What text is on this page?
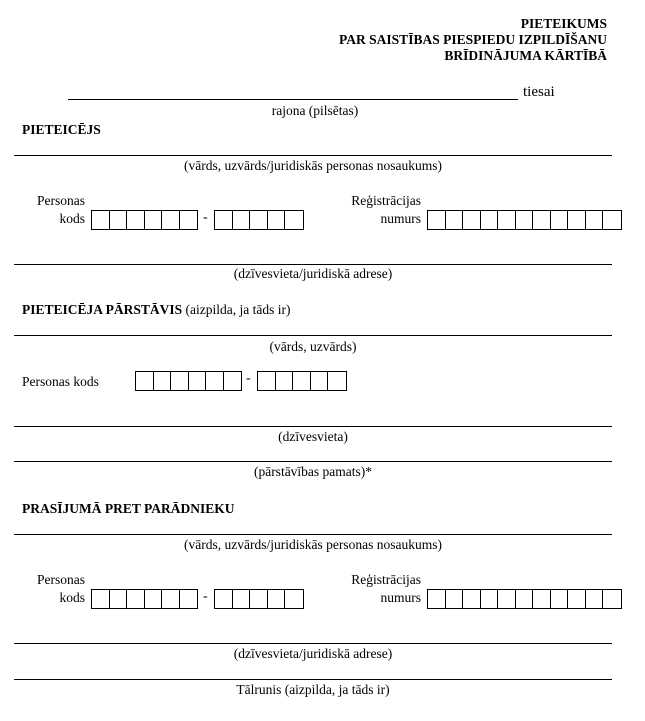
PIETEIKUMS
PAR SAISTĪBAS PIESPIEDU IZPILDĪŠANU
BRĪDINĀJUMA KĀRTĪBĀ
tiesai
rajona (pilsētas)
PIETEICĒJS
(vārds, uzvārds/juridiskās personas nosaukums)
Personas
kods	-
Reģistrācijas
numurs
(dzīvesvieta/juridiskā adrese)
PIETEICĒJA PĀRSTĀVIS (aizpilda, ja tāds ir)
(vārds, uzvārds)
Personas kods	-
(dzīvesvieta)
(pārstāvības pamats)*
PRASĪJUMĀ PRET PARĀDNIEKU
(vārds, uzvārds/juridiskās personas nosaukums)
Personas
kods	-
Reģistrācijas
numurs
(dzīvesvieta/juridiskā adrese)
Tālrunis (aizpilda, ja tāds ir)
